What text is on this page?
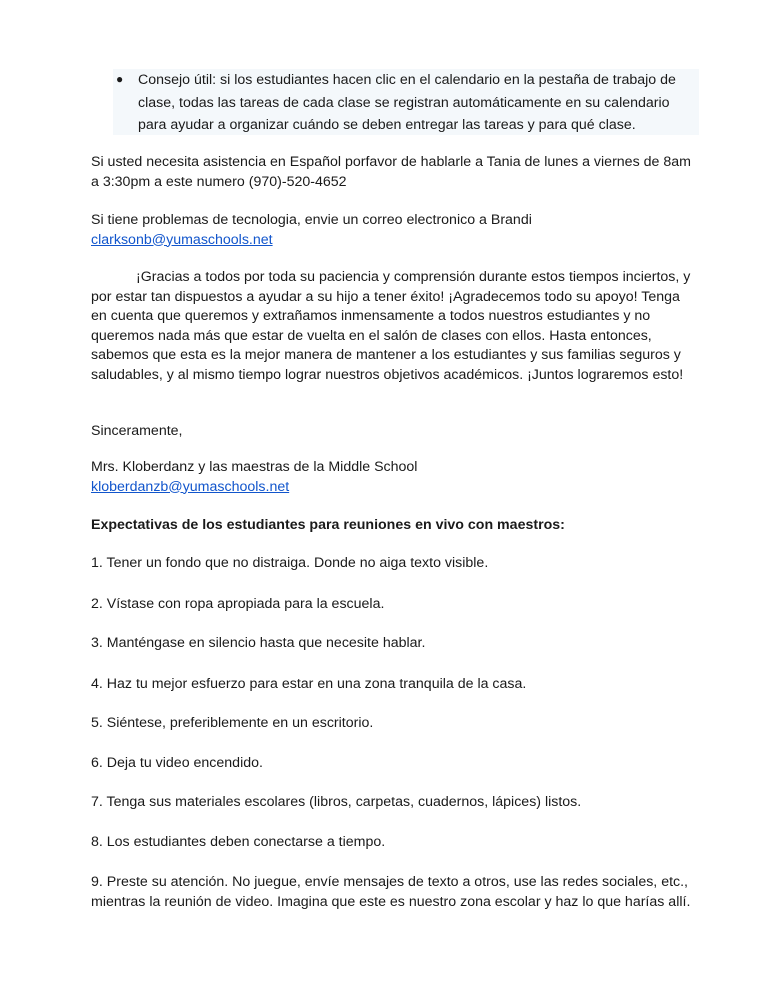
● Consejo útil: si los estudiantes hacen clic en el calendario en la pestaña de trabajo de clase, todas las tareas de cada clase se registran automáticamente en su calendario para ayudar a organizar cuándo se deben entregar las tareas y para qué clase.
Si usted necesita asistencia en Español porfavor de hablarle a Tania de lunes a viernes de 8am a 3:30pm a este numero (970)-520-4652
Si tiene problemas de tecnologia, envie un correo electronico a Brandi
clarksonb@yumaschools.net
¡Gracias a todos por toda su paciencia y comprensión durante estos tiempos inciertos, y por estar tan dispuestos a ayudar a su hijo a tener éxito! ¡Agradecemos todo su apoyo! Tenga en cuenta que queremos y extrañamos inmensamente a todos nuestros estudiantes y no queremos nada más que estar de vuelta en el salón de clases con ellos. Hasta entonces, sabemos que esta es la mejor manera de mantener a los estudiantes y sus familias seguros y saludables, y al mismo tiempo lograr nuestros objetivos académicos. ¡Juntos lograremos esto!
Sinceramente,
Mrs. Kloberdanz y las maestras de la Middle School
kloberdanzb@yumaschools.net
Expectativas de los estudiantes para reuniones en vivo con maestros:
1. Tener un fondo que no distraiga. Donde no aiga texto visible.
2. Vístase con ropa apropiada para la escuela.
3. Manténgase en silencio hasta que necesite hablar.
4. Haz tu mejor esfuerzo para estar en una zona tranquila de la casa.
5. Siéntese, preferiblemente en un escritorio.
6. Deja tu video encendido.
7. Tenga sus materiales escolares (libros, carpetas, cuadernos, lápices) listos.
8. Los estudiantes deben conectarse a tiempo.
9. Preste su atención. No juegue, envíe mensajes de texto a otros, use las redes sociales, etc., mientras la reunión de video. Imagina que este es nuestro zona escolar y haz lo que harías allí.
